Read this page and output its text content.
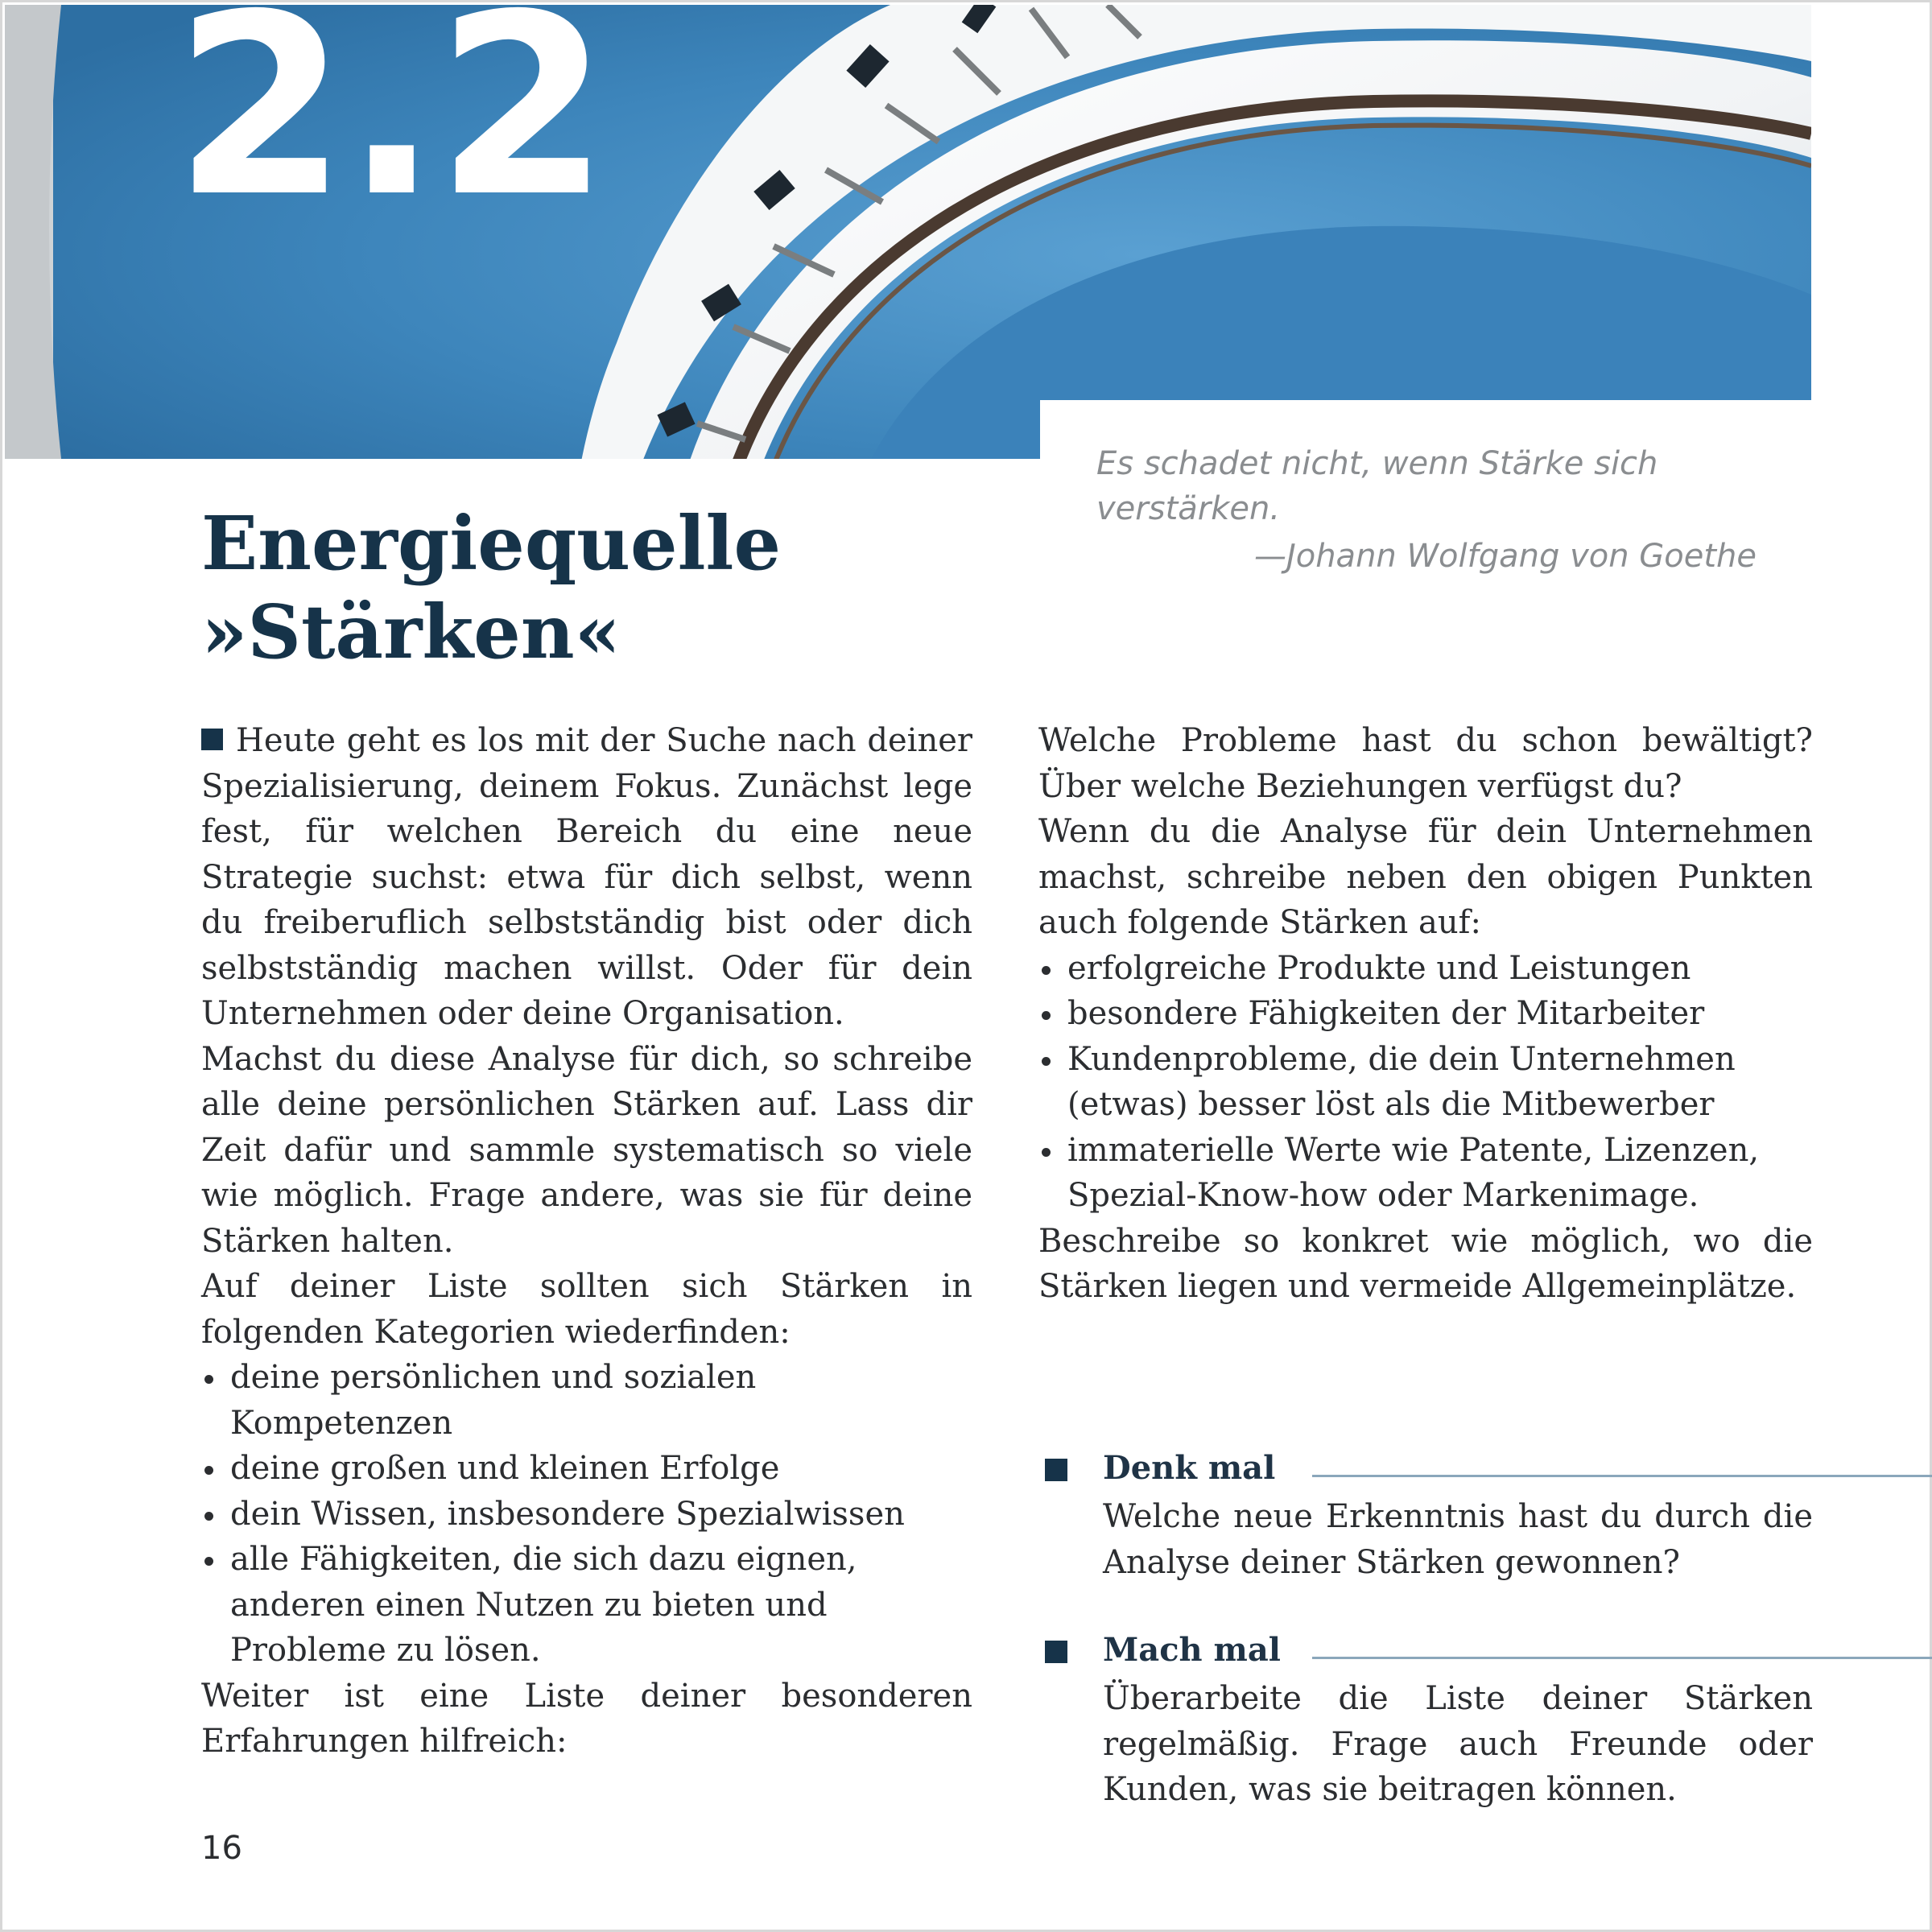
2.2
Es schadet nicht, wenn Stärke sich verstärken.
—Johann Wolfgang von Goethe
Energiequelle
»Stärken«

Heute geht es los mit der Suche nach deiner Spezialisierung, deinem Fokus. Zunächst lege fest, für welchen Bereich du eine neue Strategie suchst: etwa für dich selbst, wenn du freiberuflich selbstständig bist oder dich selbstständig machen willst. Oder für dein Unternehmen oder deine Organisation.

Machst du diese Analyse für dich, so schreibe alle deine persönlichen Stärken auf. Lass dir Zeit dafür und sammle systematisch so viele wie möglich. Frage andere, was sie für deine Stärken halten.

Auf deiner Liste sollten sich Stärken in folgenden Kategorien wiederfinden:

deine persönlichen und sozialen Kompetenzen
deine großen und kleinen Erfolge
dein Wissen, insbesondere Spezialwissen
alle Fähigkeiten, die sich dazu eignen, anderen einen Nutzen zu bieten und Probleme zu lösen.

Weiter ist eine Liste deiner besonderen Erfahrungen hilfreich:

Welche Probleme hast du schon bewältigt? Über welche Beziehungen verfügst du?

Wenn du die Analyse für dein Unternehmen machst, schreibe neben den obigen Punkten auch folgende Stärken auf:

erfolgreiche Produkte und Leistungen
besondere Fähigkeiten der Mitarbeiter
Kundenprobleme, die dein Unternehmen (etwas) besser löst als die Mitbewerber
immaterielle Werte wie Patente, Lizenzen, Spezial-Know-how oder Markenimage.

Beschreibe so konkret wie möglich, wo die Stärken liegen und vermeide Allgemeinplätze.

Denk mal
Welche neue Erkenntnis hast du durch die Analyse deiner Stärken gewonnen?
Mach mal
Überarbeite die Liste deiner Stärken regelmäßig. Frage auch Freunde oder Kunden, was sie beitragen können.
16
